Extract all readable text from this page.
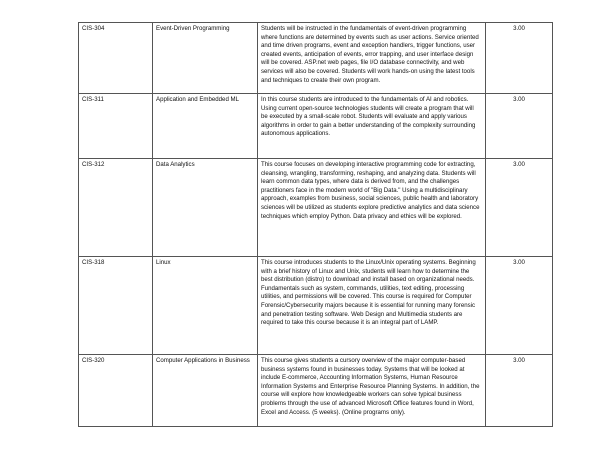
CIS-304	Event-Driven Programming	Students will be instructed in the fundamentals of event-driven programming where functions are determined by events such as user actions. Service oriented and time driven programs, event and exception handlers, trigger functions, user created events, anticipation of events, error trapping, and user interface design will be covered. ASP.net web pages, file I/O database connectivity, and web services will also be covered. Students will work hands-on using the latest tools and techniques to create their own program.	3.00
CIS-311	Application and Embedded ML	In this course students are introduced to the fundamentals of AI and robotics. Using current open-source technologies students will create a program that will be executed by a small-scale robot. Students will evaluate and apply various algorithms in order to gain a better understanding of the complexity surrounding autonomous applications.	3.00
CIS-312	Data Analytics	This course focuses on developing interactive programming code for extracting, cleansing, wrangling, transforming, reshaping, and analyzing data. Students will learn common data types, where data is derived from, and the challenges practitioners face in the modern world of "Big Data." Using a multidisciplinary approach, examples from business, social sciences, public health and laboratory sciences will be utilized as students explore predictive analytics and data science techniques which employ Python. Data privacy and ethics will be explored.	3.00
CIS-318	Linux	This course introduces students to the Linux/Unix operating systems. Beginning with a brief history of Linux and Unix, students will learn how to determine the best distribution (distro) to download and install based on organizational needs. Fundamentals such as system, commands, utilities, text editing, processing utilities, and permissions will be covered. This course is required for Computer Forensic/Cybersecurity majors because it is essential for running many forensic and penetration testing software. Web Design and Multimedia students are required to take this course because it is an integral part of LAMP.	3.00
CIS-320	Computer Applications in Business	This course gives students a cursory overview of the major computer-based business systems found in businesses today. Systems that will be looked at include E-commerce, Accounting Information Systems, Human Resource Information Systems and Enterprise Resource Planning Systems. In addition, the course will explore how knowledgeable workers can solve typical business problems through the use of advanced Microsoft Office features found in Word, Excel and Access. (5 weeks). (Online programs only).	3.00
